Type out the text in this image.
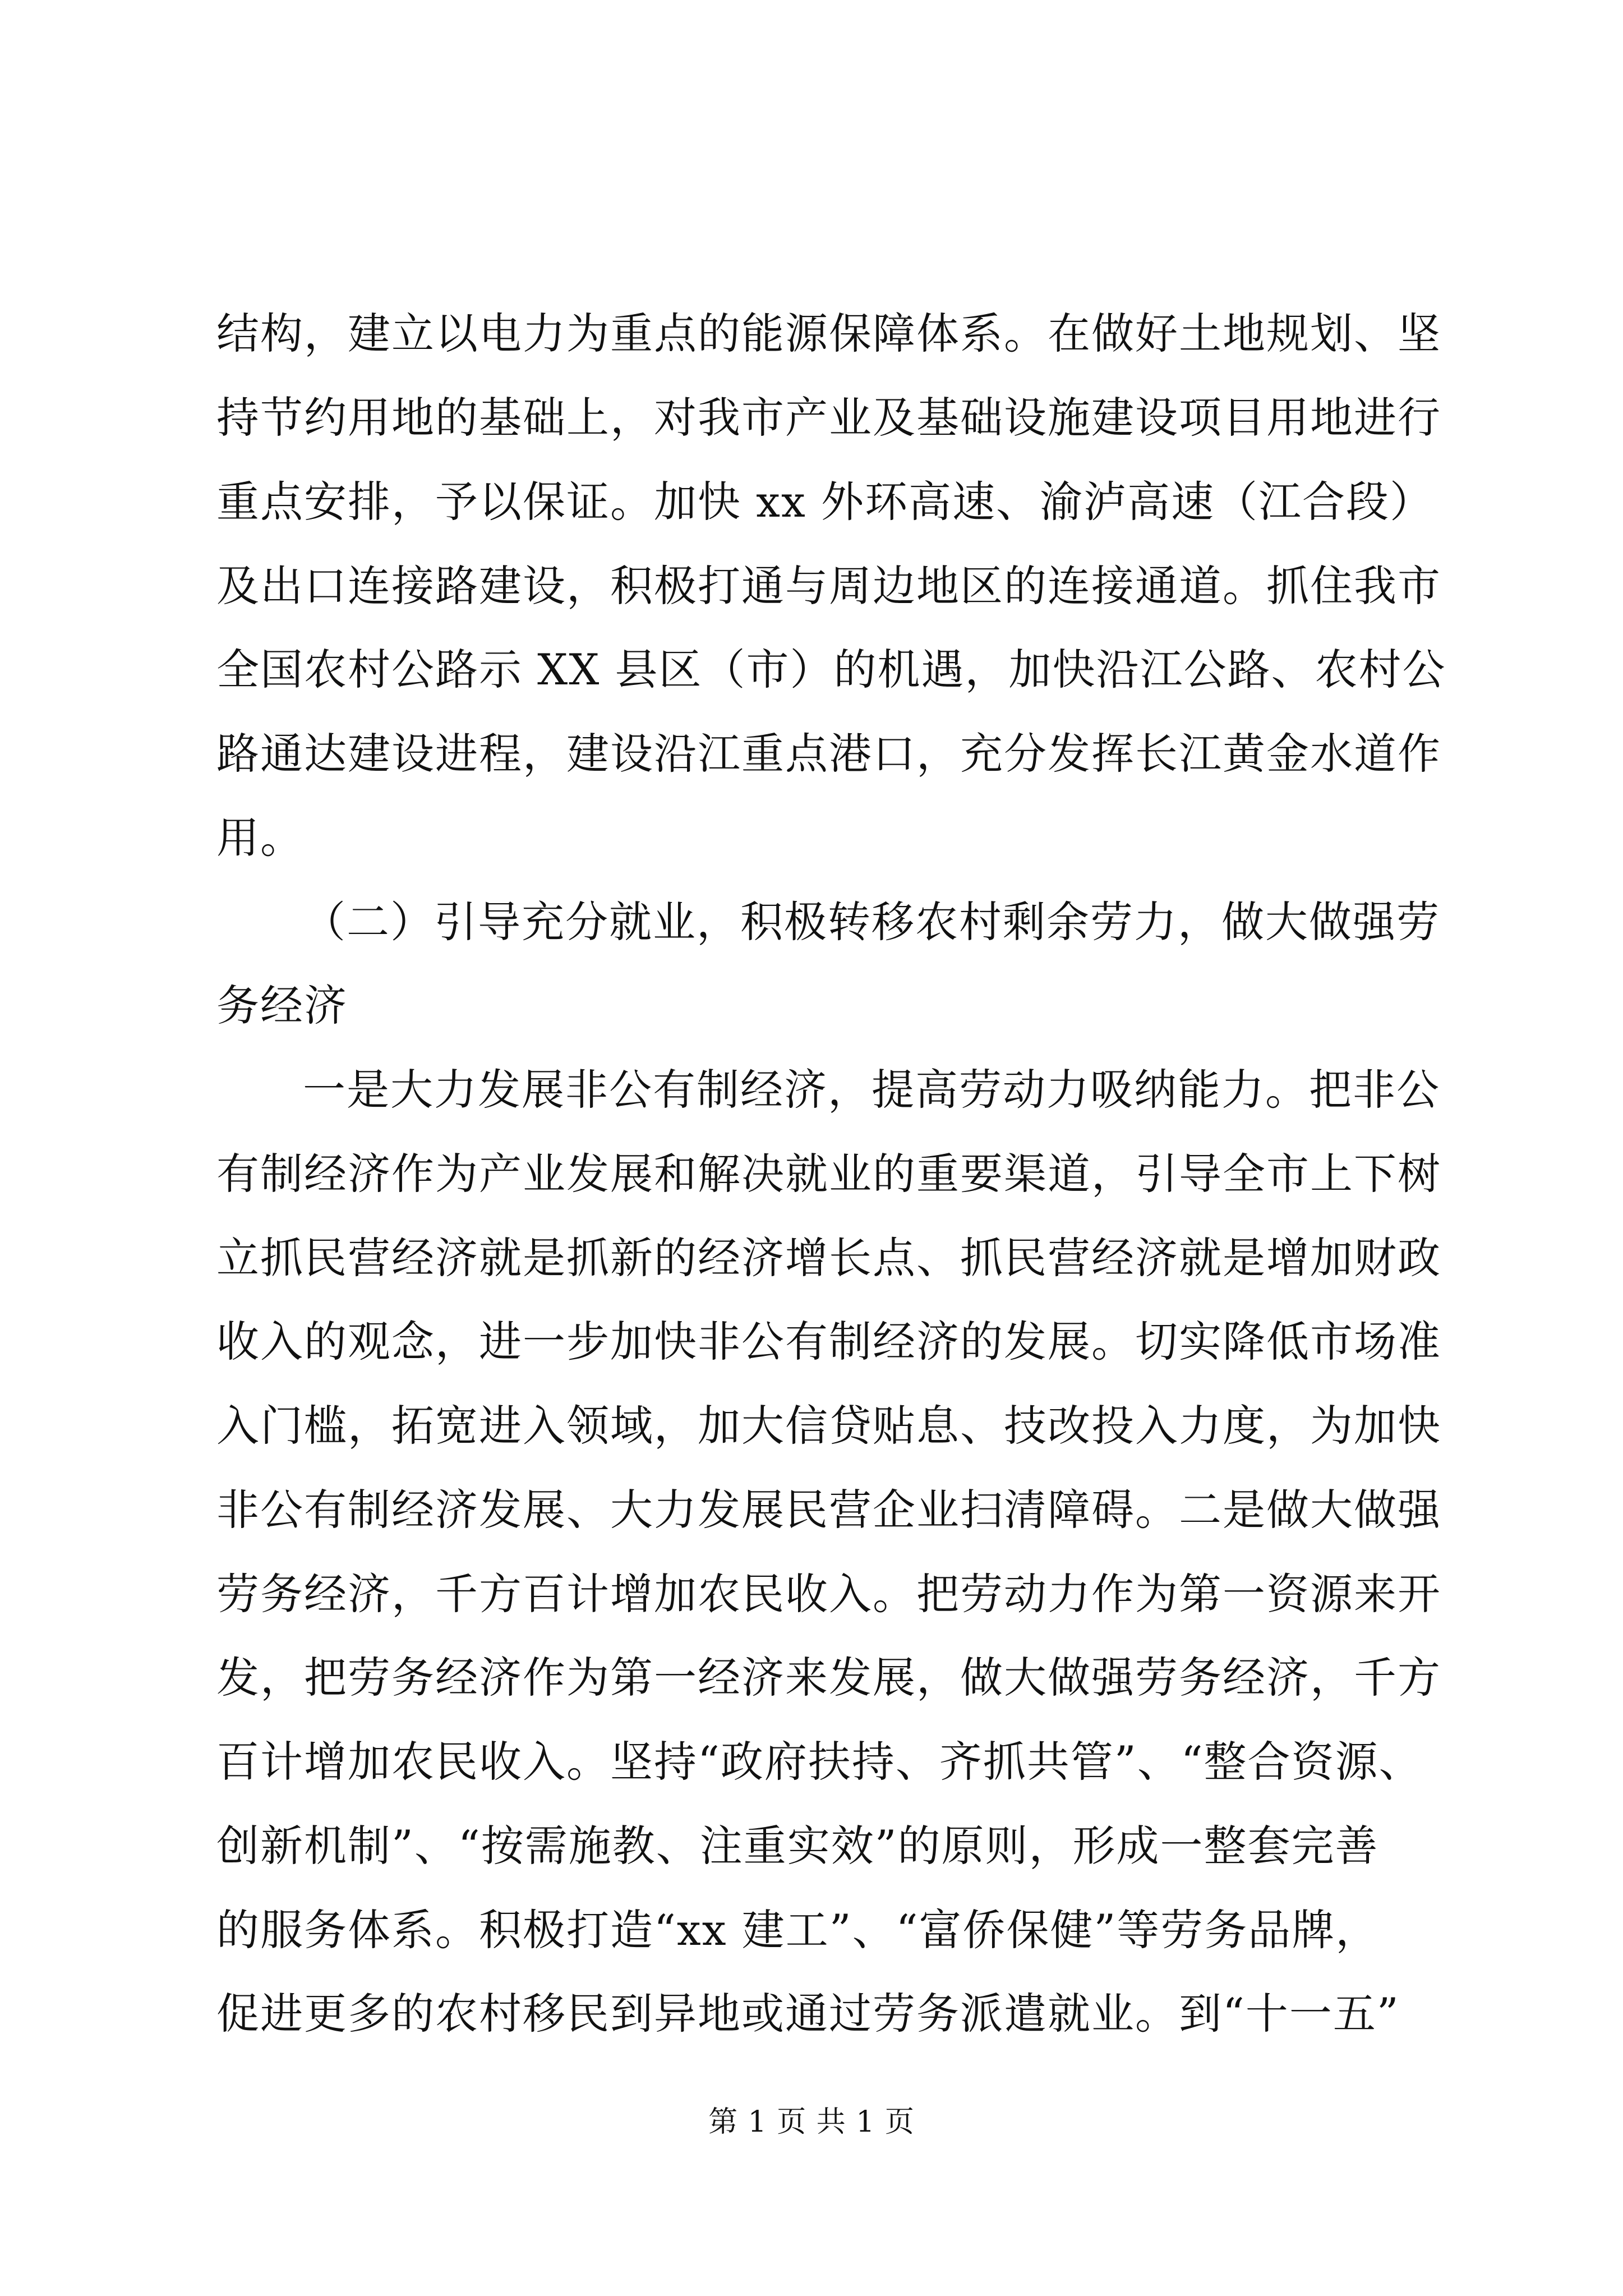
结构，建立以电力为重点的能源保障体系。在做好土地规划、坚
持节约用地的基础上，对我市产业及基础设施建设项目用地进行
重点安排，予以保证。加快 xx 外环高速、渝泸高速（江合段）
及出口连接路建设，积极打通与周边地区的连接通道。抓住我市
全国农村公路示 XX 县区（市）的机遇，加快沿江公路、农村公
路通达建设进程，建设沿江重点港口，充分发挥长江黄金水道作
用。
（二）引导充分就业，积极转移农村剩余劳力，做大做强劳
务经济
一是大力发展非公有制经济，提高劳动力吸纳能力。把非公
有制经济作为产业发展和解决就业的重要渠道，引导全市上下树
立抓民营经济就是抓新的经济增长点、抓民营经济就是增加财政
收入的观念，进一步加快非公有制经济的发展。切实降低市场准
入门槛，拓宽进入领域，加大信贷贴息、技改投入力度，为加快
非公有制经济发展、大力发展民营企业扫清障碍。二是做大做强
劳务经济，千方百计增加农民收入。把劳动力作为第一资源来开
发，把劳务经济作为第一经济来发展，做大做强劳务经济，千方
百计增加农民收入。坚持“政府扶持、齐抓共管”、“整合资源、
创新机制”、“按需施教、注重实效”的原则，形成一整套完善
的服务体系。积极打造“xx 建工”、“富侨保健”等劳务品牌，
促进更多的农村移民到异地或通过劳务派遣就业。到“十一五”
第 1 页 共 1 页
